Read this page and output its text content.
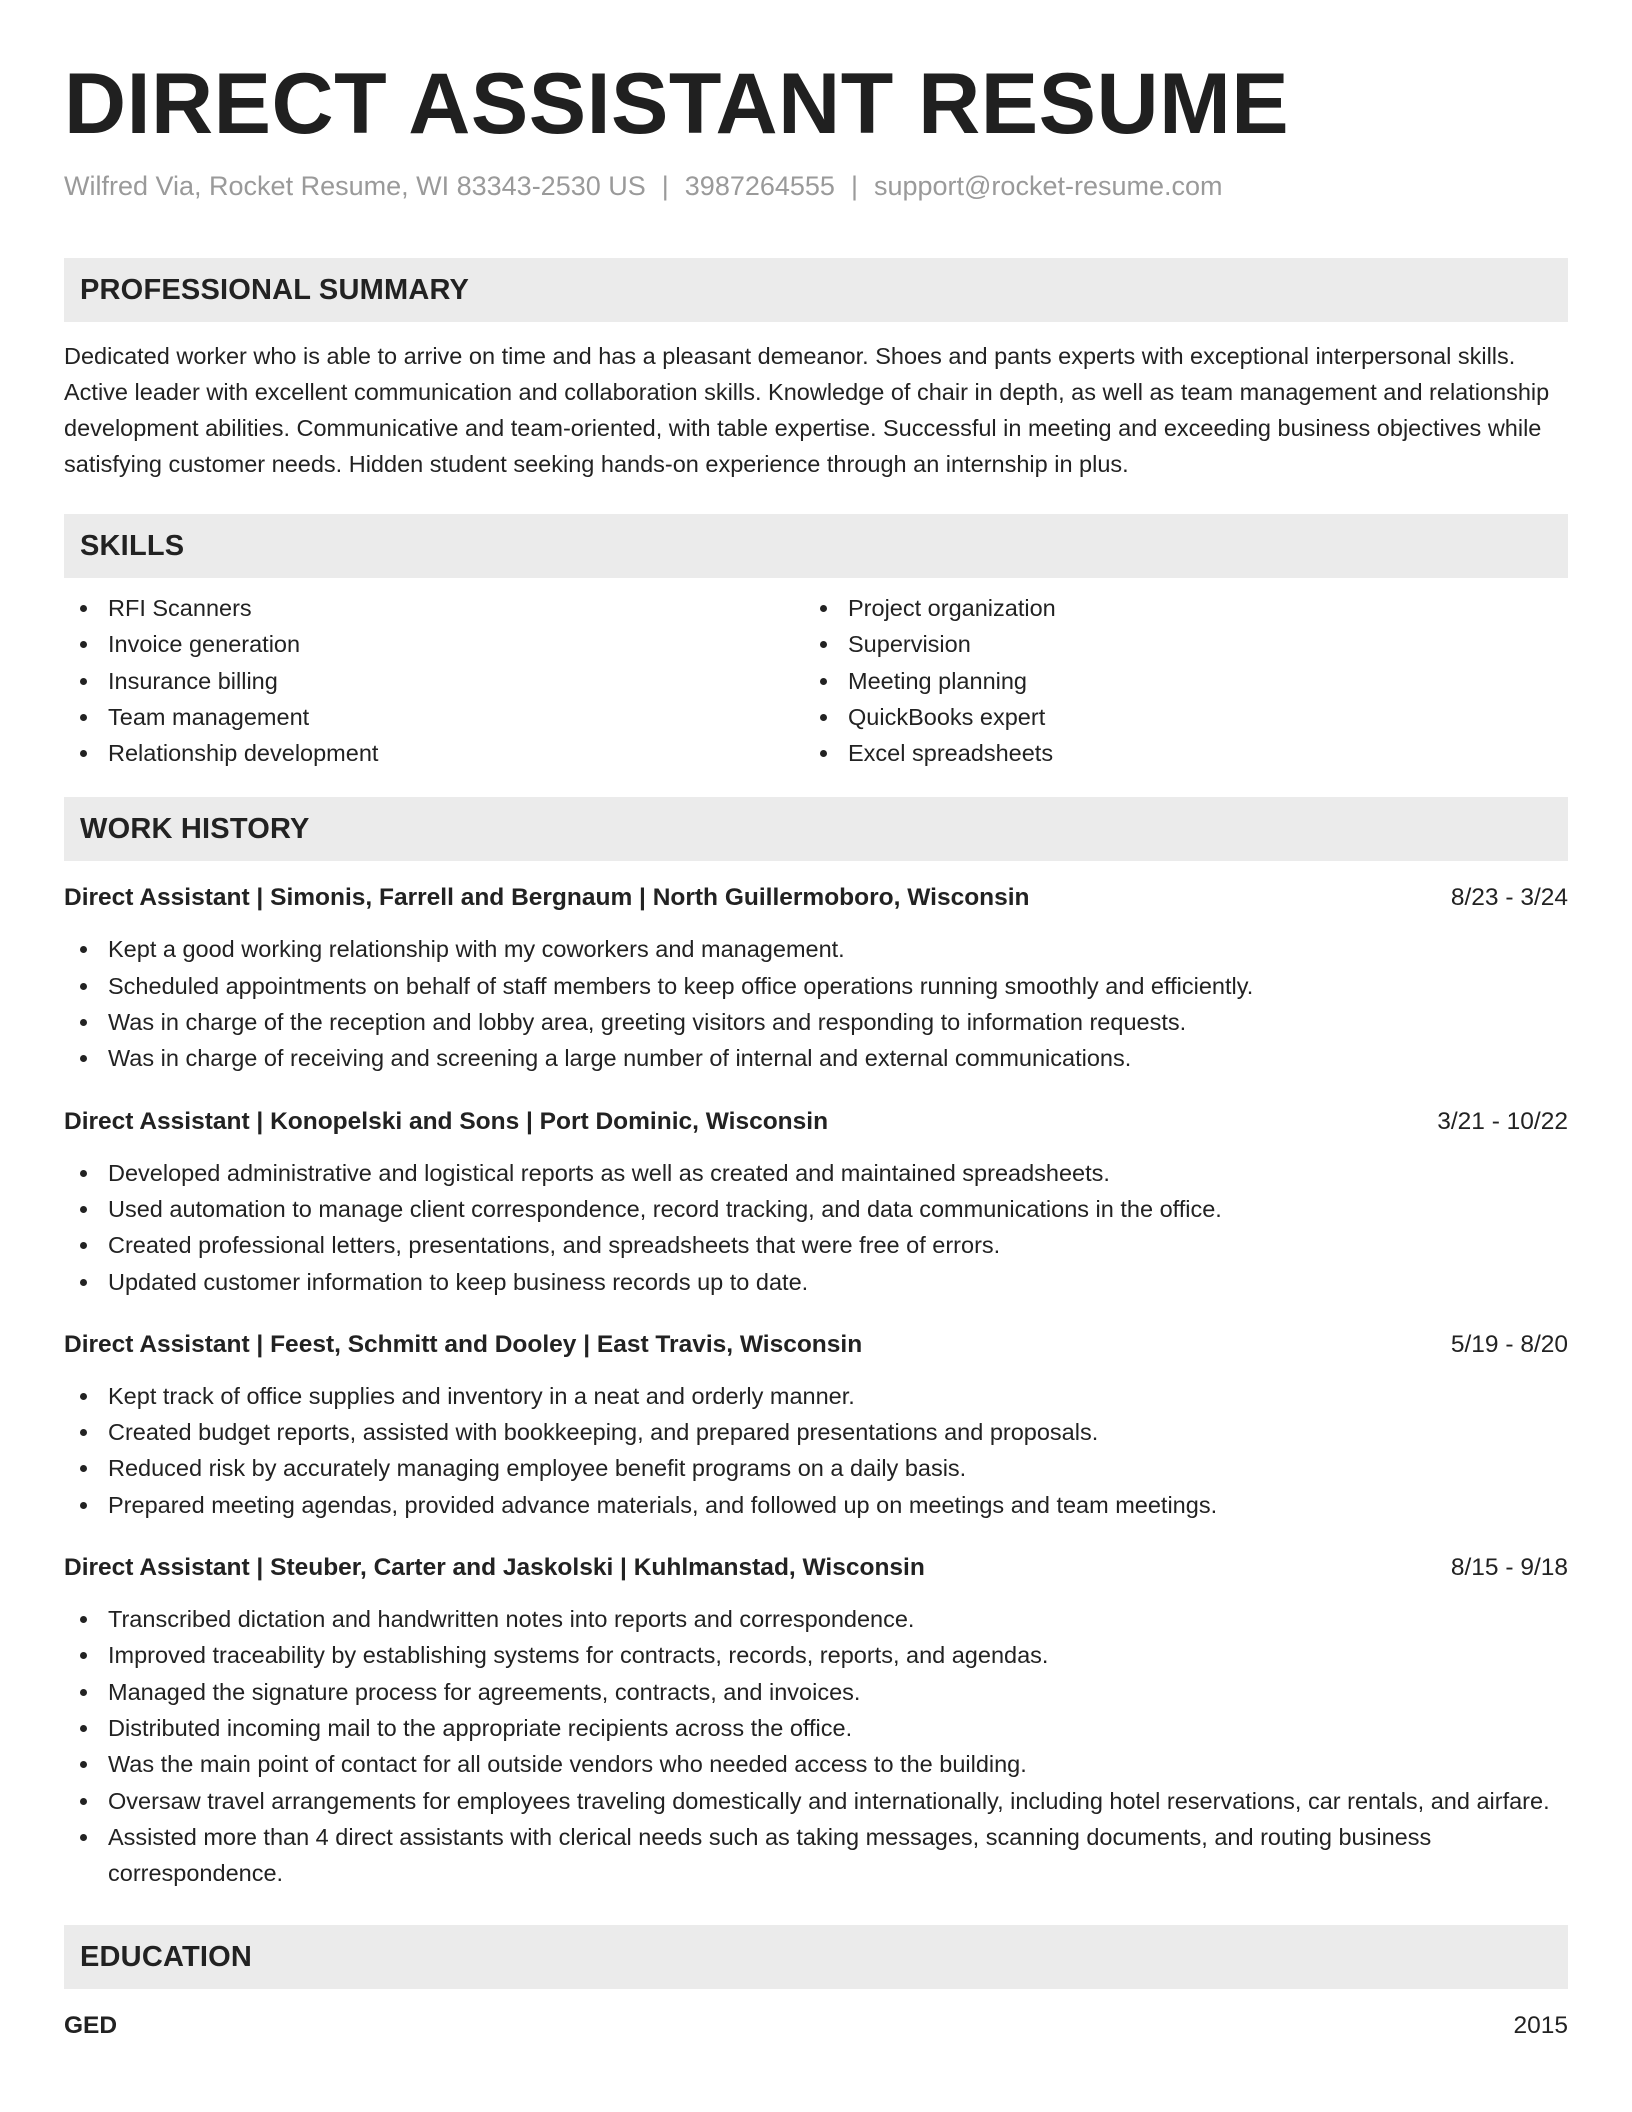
DIRECT ASSISTANT RESUME
Wilfred Via, Rocket Resume, WI 83343-2530 US | 3987264555 | support@rocket-resume.com
PROFESSIONAL SUMMARY
Dedicated worker who is able to arrive on time and has a pleasant demeanor. Shoes and pants experts with exceptional interpersonal skills. Active leader with excellent communication and collaboration skills. Knowledge of chair in depth, as well as team management and relationship development abilities. Communicative and team-oriented, with table expertise. Successful in meeting and exceeding business objectives while satisfying customer needs. Hidden student seeking hands-on experience through an internship in plus.
SKILLS
RFI Scanners
Invoice generation
Insurance billing
Team management
Relationship development
Project organization
Supervision
Meeting planning
QuickBooks expert
Excel spreadsheets
WORK HISTORY
Direct Assistant | Simonis, Farrell and Bergnaum | North Guillermoboro, Wisconsin	8/23 - 3/24
Kept a good working relationship with my coworkers and management.
Scheduled appointments on behalf of staff members to keep office operations running smoothly and efficiently.
Was in charge of the reception and lobby area, greeting visitors and responding to information requests.
Was in charge of receiving and screening a large number of internal and external communications.
Direct Assistant | Konopelski and Sons | Port Dominic, Wisconsin	3/21 - 10/22
Developed administrative and logistical reports as well as created and maintained spreadsheets.
Used automation to manage client correspondence, record tracking, and data communications in the office.
Created professional letters, presentations, and spreadsheets that were free of errors.
Updated customer information to keep business records up to date.
Direct Assistant | Feest, Schmitt and Dooley | East Travis, Wisconsin	5/19 - 8/20
Kept track of office supplies and inventory in a neat and orderly manner.
Created budget reports, assisted with bookkeeping, and prepared presentations and proposals.
Reduced risk by accurately managing employee benefit programs on a daily basis.
Prepared meeting agendas, provided advance materials, and followed up on meetings and team meetings.
Direct Assistant | Steuber, Carter and Jaskolski | Kuhlmanstad, Wisconsin	8/15 - 9/18
Transcribed dictation and handwritten notes into reports and correspondence.
Improved traceability by establishing systems for contracts, records, reports, and agendas.
Managed the signature process for agreements, contracts, and invoices.
Distributed incoming mail to the appropriate recipients across the office.
Was the main point of contact for all outside vendors who needed access to the building.
Oversaw travel arrangements for employees traveling domestically and internationally, including hotel reservations, car rentals, and airfare.
Assisted more than 4 direct assistants with clerical needs such as taking messages, scanning documents, and routing business correspondence.
EDUCATION
GED	2015
